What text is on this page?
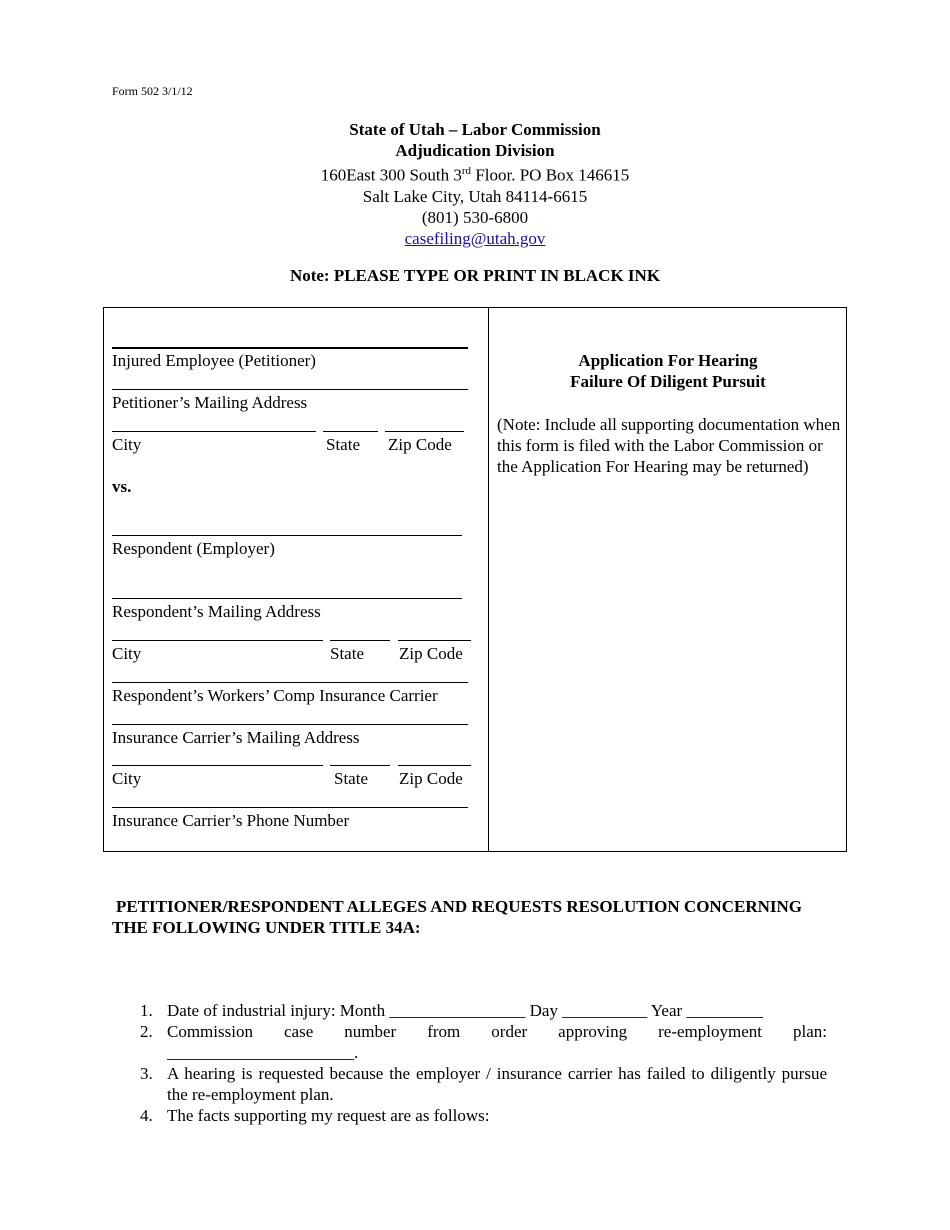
Form 502 3/1/12
State of Utah – Labor Commission
Adjudication Division
160East 300 South 3rd Floor. PO Box 146615
Salt Lake City, Utah 84114-6615
(801) 530-6800
casefiling@utah.gov
Note: PLEASE TYPE OR PRINT IN BLACK INK
Injured Employee (Petitioner)
Petitioner’s Mailing Address
City	State Zip Code
vs.
Respondent (Employer)
Respondent’s Mailing Address
City	State Zip Code
Respondent’s Workers’ Comp Insurance Carrier
Insurance Carrier’s Mailing Address
City	State Zip Code
Insurance Carrier’s Phone Number
Application For Hearing
Failure Of Diligent Pursuit
(Note: Include all supporting documentation when this form is filed with the Labor Commission or the Application For Hearing may be returned)
PETITIONER/RESPONDENT ALLEGES AND REQUESTS RESOLUTION CONCERNING THE FOLLOWING UNDER TITLE 34A:
1. Date of industrial injury: Month ________________ Day __________ Year _________
2. Commission case number from order approving re-employment plan:
______________________.
3. A hearing is requested because the employer / insurance carrier has failed to diligently pursue the re-employment plan.
4. The facts supporting my request are as follows:
